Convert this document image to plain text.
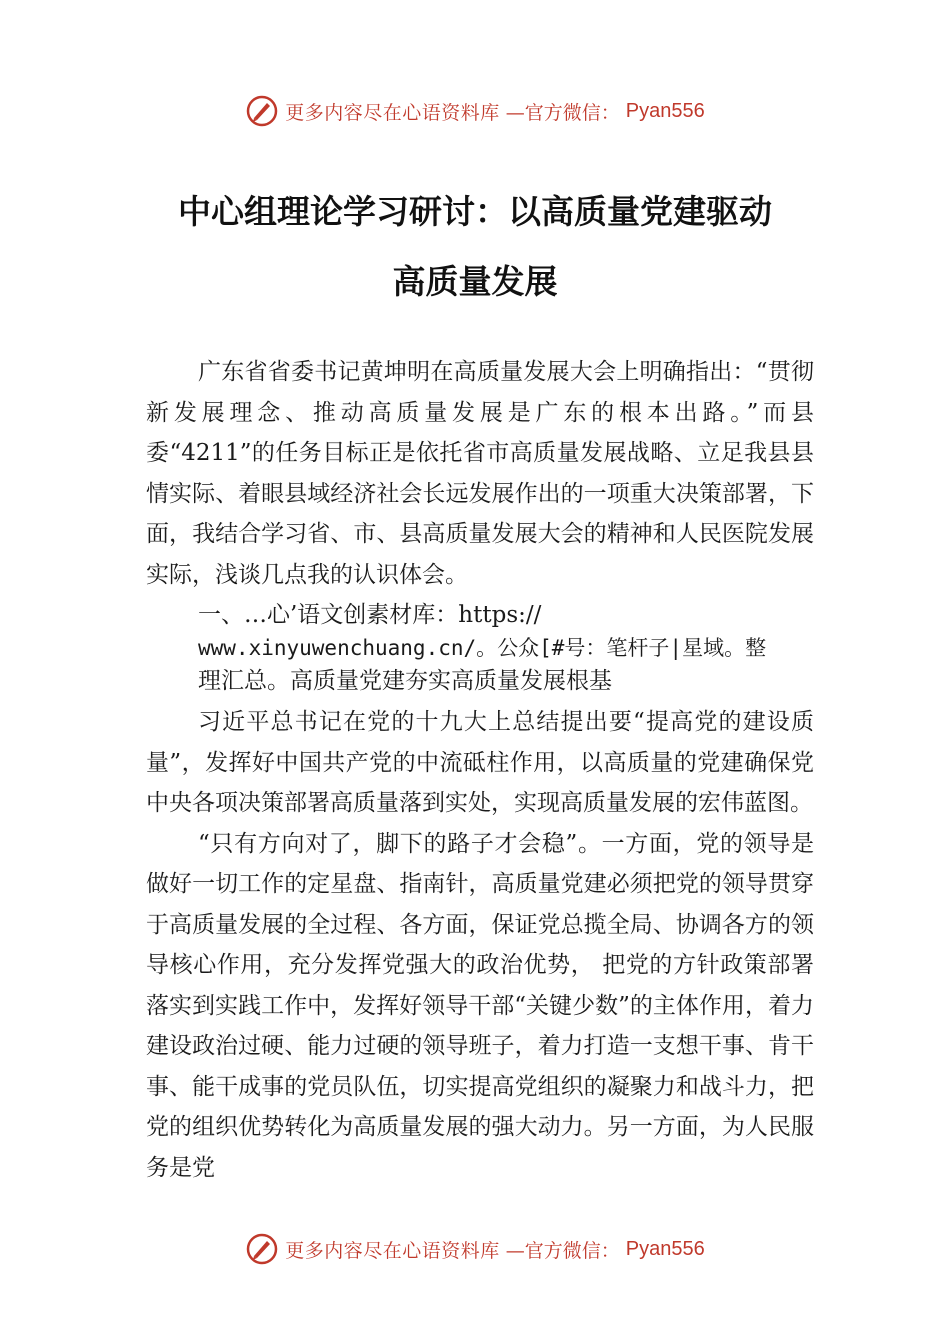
更多内容尽在心语资料库 —官方微信： Pyan556
中心组理论学习研讨：以高质量党建驱动
高质量发展

广东省省委书记黄坤明在高质量发展大会上明确指出：“贯彻新发展理念、推动高质量发展是广东的根本出路。”而县委“4211”的任务目标正是依托省市高质量发展战略、立足我县县情实际、着眼县域经济社会长远发展作出的一项重大决策部署，下面，我结合学习省、市、县高质量发展大会的精神和人民医院发展实际，浅谈几点我的认识体会。

一、…心’语文创素材库：https://
www.xinyuwenchuang.cn/。公众[#号：笔杆子|星域。整
理汇总。高质量党建夯实高质量发展根基

习近平总书记在党的十九大上总结提出要“提高党的建设质量”，发挥好中国共产党的中流砥柱作用，以高质量的党建确保党中央各项决策部署高质量落到实处，实现高质量发展的宏伟蓝图。

“只有方向对了，脚下的路子才会稳”。一方面，党的领导是做好一切工作的定星盘、指南针，高质量党建必须把党的领导贯穿于高质量发展的全过程、各方面，保证党总揽全局、协调各方的领导核心作用，充分发挥党强大的政治优势， 把党的方针政策部署落实到实践工作中，发挥好领导干部“关键少数”的主体作用，着力建设政治过硬、能力过硬的领导班子，着力打造一支想干事、肯干事、能干成事的党员队伍，切实提高党组织的凝聚力和战斗力，把党的组织优势转化为高质量发展的强大动力。另一方面，为人民服务是党

更多内容尽在心语资料库 —官方微信： Pyan556
